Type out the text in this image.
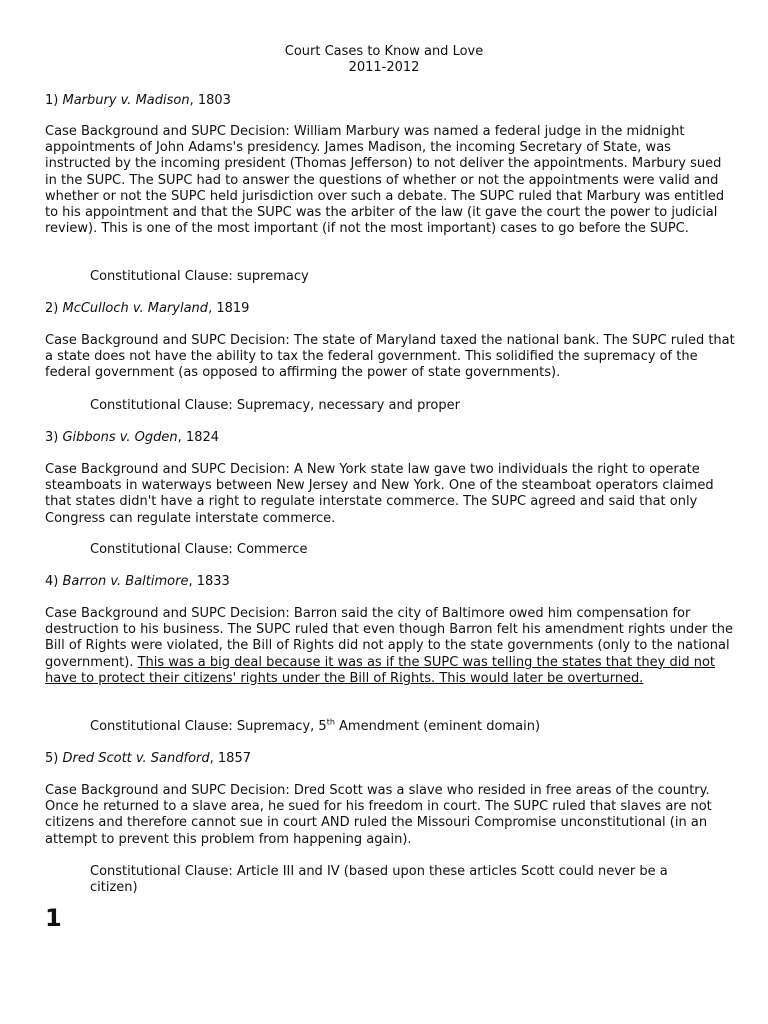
Court Cases to Know and Love
2011-2012
1) Marbury v. Madison, 1803
Case Background and SUPC Decision: William Marbury was named a federal judge in the midnight appointments of John Adams's presidency. James Madison, the incoming Secretary of State, was instructed by the incoming president (Thomas Jefferson) to not deliver the appointments. Marbury sued in the SUPC. The SUPC had to answer the questions of whether or not the appointments were valid and whether or not the SUPC held jurisdiction over such a debate. The SUPC ruled that Marbury was entitled to his appointment and that the SUPC was the arbiter of the law (it gave the court the power to judicial review). This is one of the most important (if not the most important) cases to go before the SUPC.
Constitutional Clause: supremacy
2) McCulloch v. Maryland, 1819
Case Background and SUPC Decision: The state of Maryland taxed the national bank. The SUPC ruled that a state does not have the ability to tax the federal government. This solidified the supremacy of the federal government (as opposed to affirming the power of state governments).
Constitutional Clause: Supremacy, necessary and proper
3) Gibbons v. Ogden, 1824
Case Background and SUPC Decision: A New York state law gave two individuals the right to operate steamboats in waterways between New Jersey and New York. One of the steamboat operators claimed that states didn't have a right to regulate interstate commerce. The SUPC agreed and said that only Congress can regulate interstate commerce.
Constitutional Clause: Commerce
4) Barron v. Baltimore, 1833
Case Background and SUPC Decision: Barron said the city of Baltimore owed him compensation for destruction to his business. The SUPC ruled that even though Barron felt his amendment rights under the Bill of Rights were violated, the Bill of Rights did not apply to the state governments (only to the national government). This was a big deal because it was as if the SUPC was telling the states that they did not have to protect their citizens' rights under the Bill of Rights. This would later be overturned.
Constitutional Clause: Supremacy, 5th Amendment (eminent domain)
5) Dred Scott v. Sandford, 1857
Case Background and SUPC Decision: Dred Scott was a slave who resided in free areas of the country. Once he returned to a slave area, he sued for his freedom in court. The SUPC ruled that slaves are not citizens and therefore cannot sue in court AND ruled the Missouri Compromise unconstitutional (in an attempt to prevent this problem from happening again).
Constitutional Clause: Article III and IV (based upon these articles Scott could never be a citizen)
1
